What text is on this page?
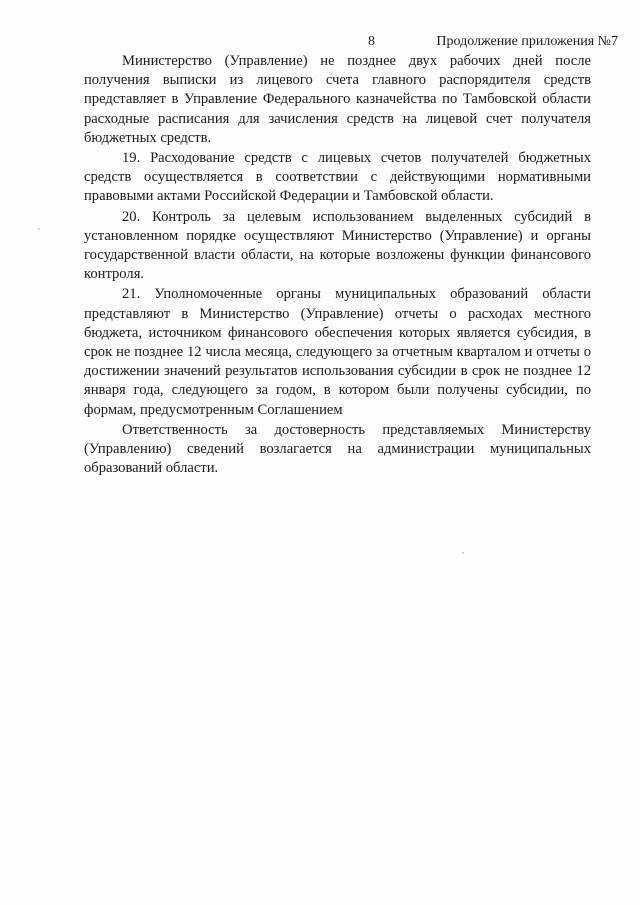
8	Продолжение приложения №7

Министерство (Управление) не позднее двух рабочих дней после получения выписки из лицевого счета главного распорядителя средств представляет в Управление Федерального казначейства по Тамбовской области расходные расписания для зачисления средств на лицевой счет получателя бюджетных средств.

19. Расходование средств с лицевых счетов получателей бюджетных средств осуществляется в соответствии с действующими нормативными правовыми актами Российской Федерации и Тамбовской области.

20. Контроль за целевым использованием выделенных субсидий в установленном порядке осуществляют Министерство (Управление) и органы государственной власти области, на которые возложены функции финансового контроля.

21. Уполномоченные органы муниципальных образований области представляют в Министерство (Управление) отчеты о расходах местного бюджета, источником финансового обеспечения которых является субсидия, в срок не позднее 12 числа месяца, следующего за отчетным кварталом и отчеты о достижении значений результатов использования субсидии в срок не позднее 12 января года, следующего за годом, в котором были получены субсидии, по формам, предусмотренным Соглашением

Ответственность за достоверность представляемых Министерству (Управлению) сведений возлагается на администрации муниципальных образований области.
